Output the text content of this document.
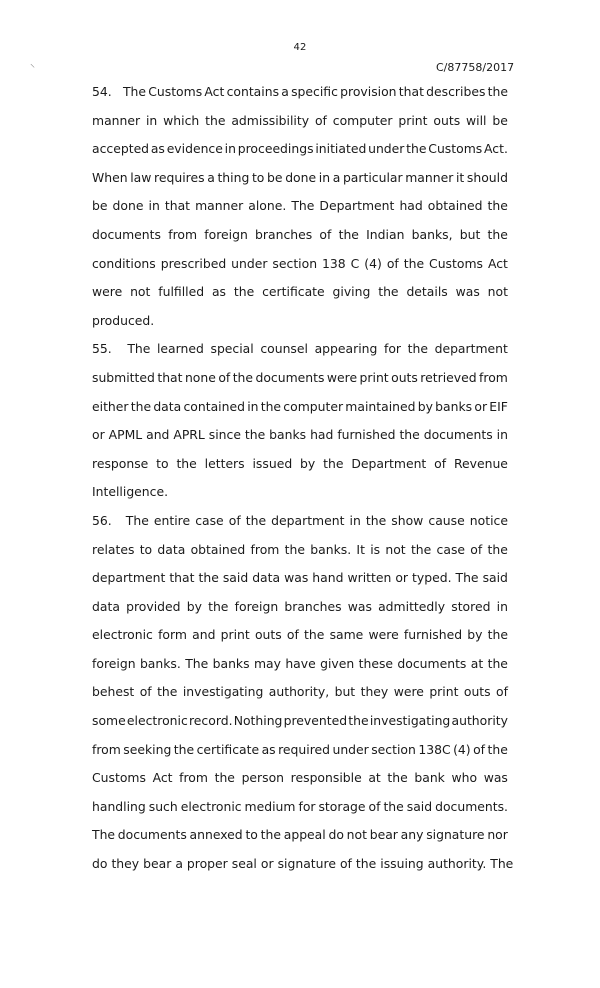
⸌
42
C/87758/2017
54. The Customs Act contains a specific provision that describes the
manner in which the admissibility of computer print outs will be
accepted as evidence in proceedings initiated under the Customs Act.
When law requires a thing to be done in a particular manner it should
be done in that manner alone. The Department had obtained the
documents from foreign branches of the Indian banks, but the
conditions prescribed under section 138 C (4) of the Customs Act
were not fulfilled as the certificate giving the details was not
produced.
55. The learned special counsel appearing for the department
submitted that none of the documents were print outs retrieved from
either the data contained in the computer maintained by banks or EIF
or APML and APRL since the banks had furnished the documents in
response to the letters issued by the Department of Revenue
Intelligence.
56. The entire case of the department in the show cause notice
relates to data obtained from the banks. It is not the case of the
department that the said data was hand written or typed. The said
data provided by the foreign branches was admittedly stored in
electronic form and print outs of the same were furnished by the
foreign banks. The banks may have given these documents at the
behest of the investigating authority, but they were print outs of
some electronic record. Nothing prevented the investigating authority
from seeking the certificate as required under section 138C (4) of the
Customs Act from the person responsible at the bank who was
handling such electronic medium for storage of the said documents.
The documents annexed to the appeal do not bear any signature nor
do they bear a proper seal or signature of the issuing authority. The
